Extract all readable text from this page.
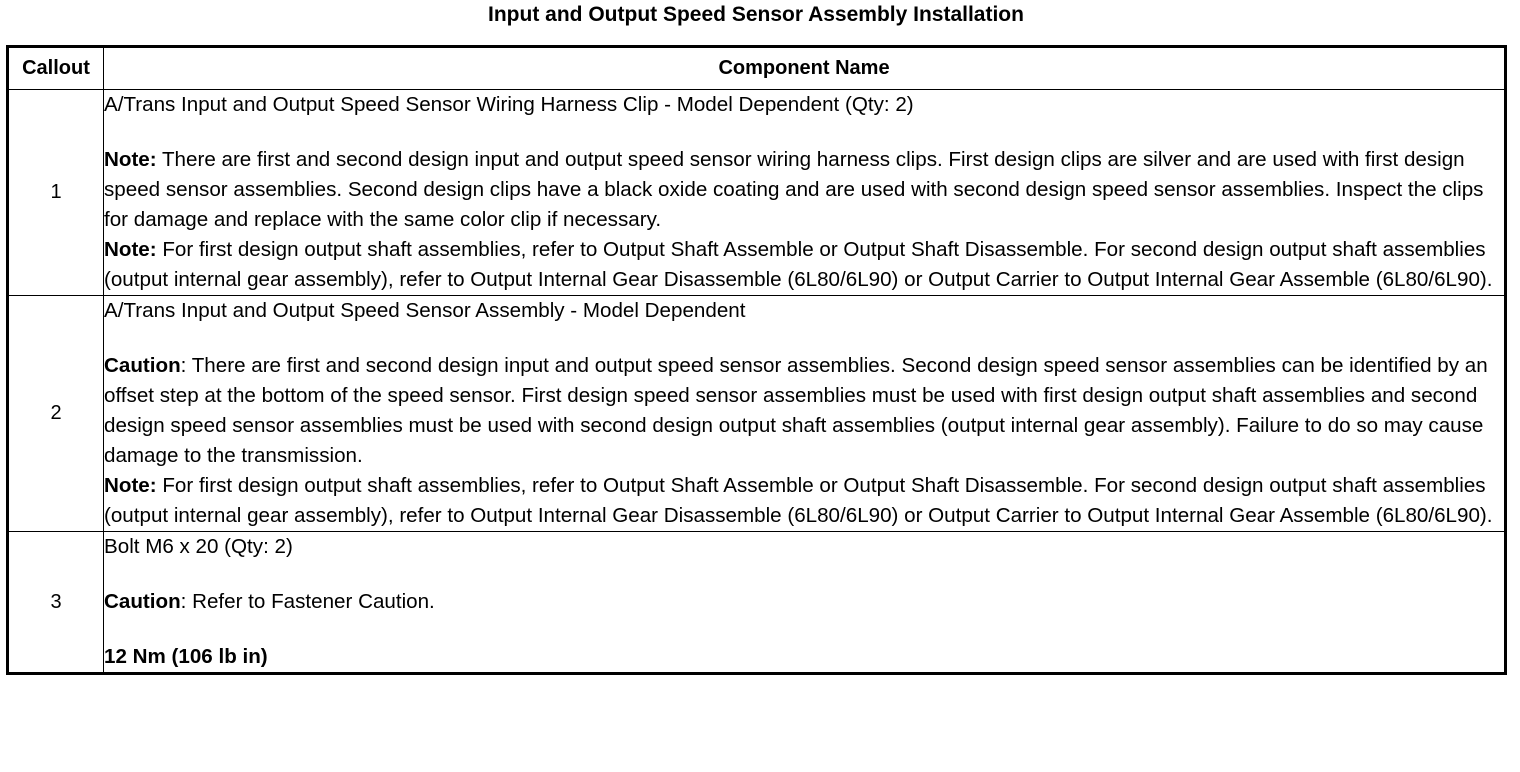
Input and Output Speed Sensor Assembly Installation
Callout	Component Name
1	A/Trans Input and Output Speed Sensor Wiring Harness Clip - Model Dependent (Qty: 2)

Note: There are first and second design input and output speed sensor wiring harness clips. First design clips are silver and are used with first design speed sensor assemblies. Second design clips have a black oxide coating and are used with second design speed sensor assemblies. Inspect the clips for damage and replace with the same color clip if necessary.

Note: For first design output shaft assemblies, refer to Output Shaft Assemble or Output Shaft Disassemble. For second design output shaft assemblies (output internal gear assembly), refer to Output Internal Gear Disassemble (6L80/6L90) or Output Carrier to Output Internal Gear Assemble (6L80/6L90).

2	A/Trans Input and Output Speed Sensor Assembly - Model Dependent

Caution: There are first and second design input and output speed sensor assemblies. Second design speed sensor assemblies can be identified by an offset step at the bottom of the speed sensor. First design speed sensor assemblies must be used with first design output shaft assemblies and second design speed sensor assemblies must be used with second design output shaft assemblies (output internal gear assembly). Failure to do so may cause damage to the transmission.

Note: For first design output shaft assemblies, refer to Output Shaft Assemble or Output Shaft Disassemble. For second design output shaft assemblies (output internal gear assembly), refer to Output Internal Gear Disassemble (6L80/6L90) or Output Carrier to Output Internal Gear Assemble (6L80/6L90).

3	Bolt M6 x 20 (Qty: 2)

Caution: Refer to Fastener Caution.

12 Nm (106 lb in)
